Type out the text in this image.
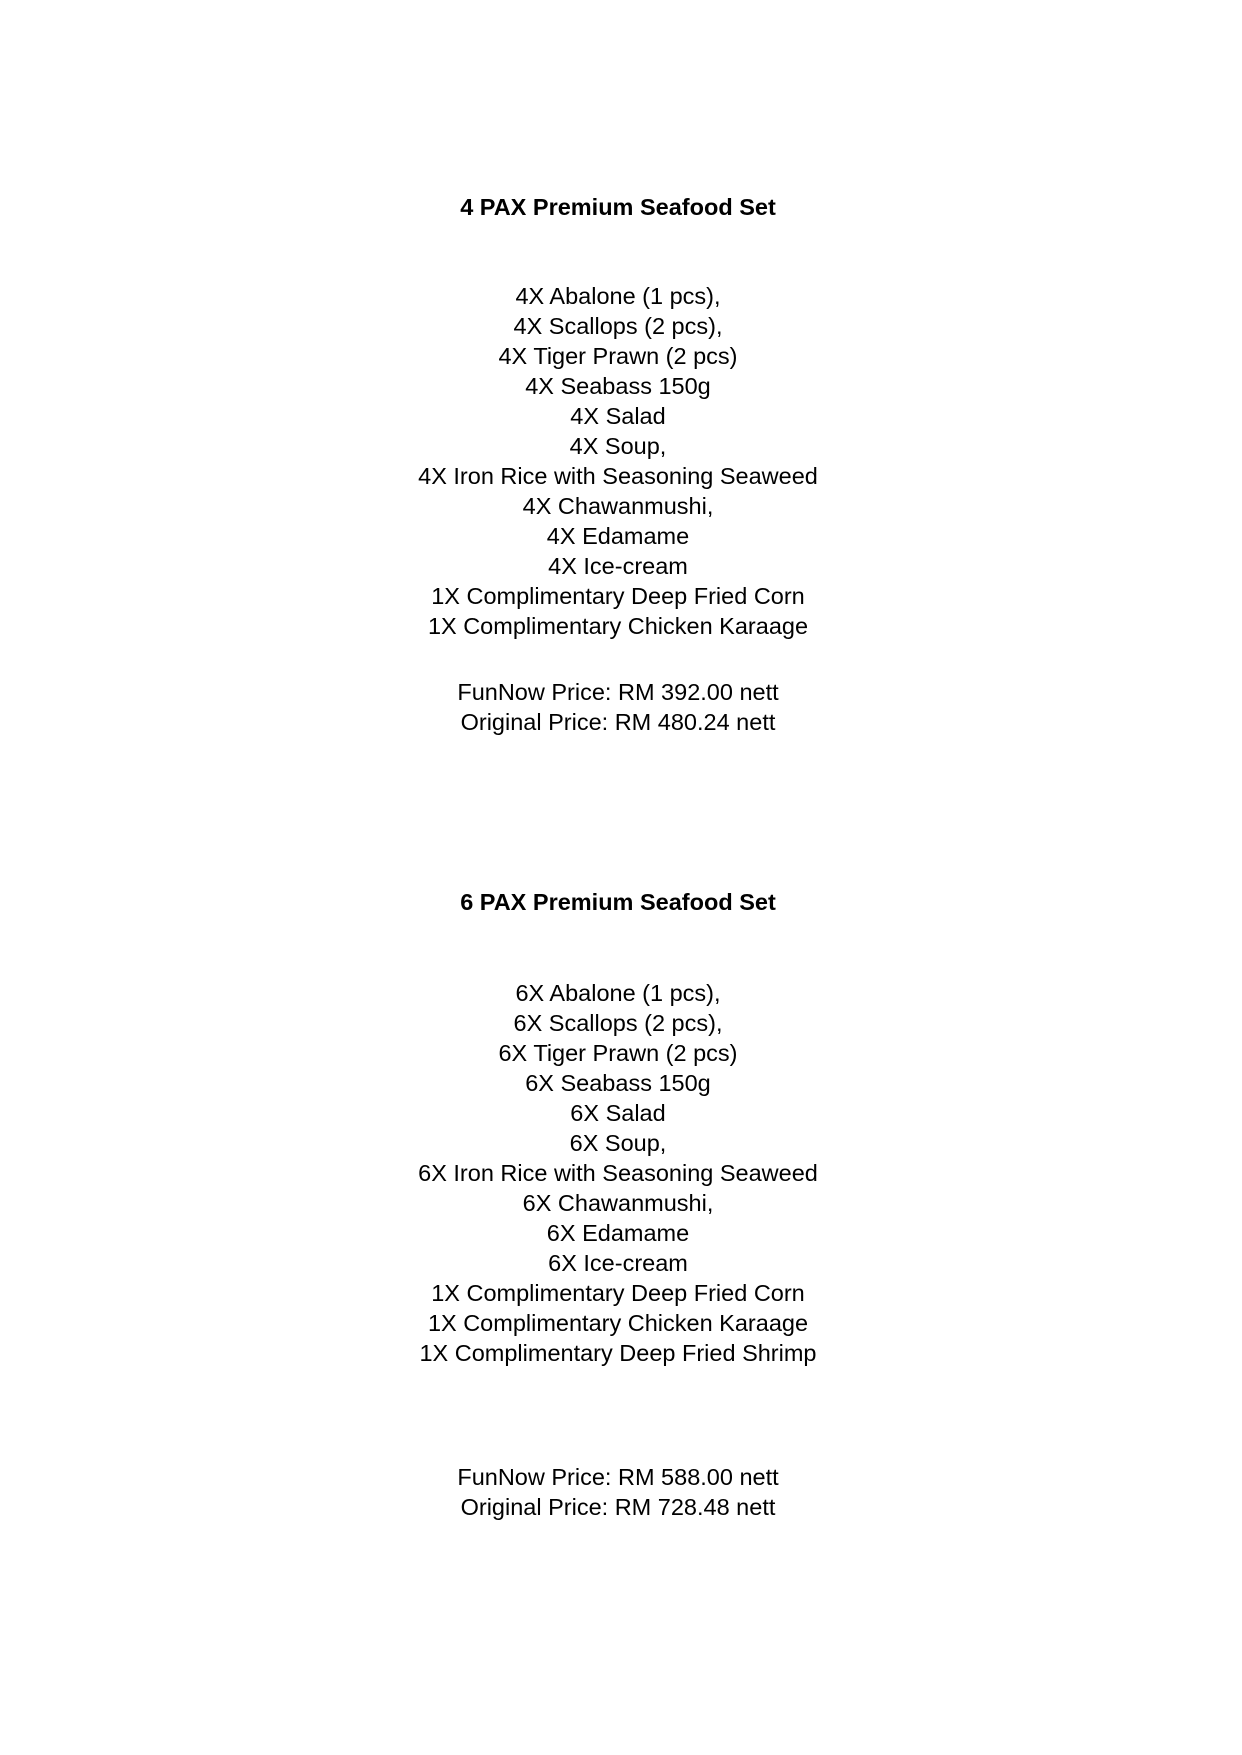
4 PAX Premium Seafood Set

4X Abalone (1 pcs),

4X Scallops (2 pcs),

4X Tiger Prawn (2 pcs)

4X Seabass 150g

4X Salad

4X Soup,

4X Iron Rice with Seasoning Seaweed

4X Chawanmushi,

4X Edamame

4X Ice-cream

1X Complimentary Deep Fried Corn

1X Complimentary Chicken Karaage

FunNow Price: RM 392.00 nett

Original Price: RM 480.24 nett

6 PAX Premium Seafood Set

6X Abalone (1 pcs),

6X Scallops (2 pcs),

6X Tiger Prawn (2 pcs)

6X Seabass 150g

6X Salad

6X Soup,

6X Iron Rice with Seasoning Seaweed

6X Chawanmushi,

6X Edamame

6X Ice-cream

1X Complimentary Deep Fried Corn

1X Complimentary Chicken Karaage

1X Complimentary Deep Fried Shrimp

FunNow Price: RM 588.00 nett

Original Price: RM 728.48 nett
